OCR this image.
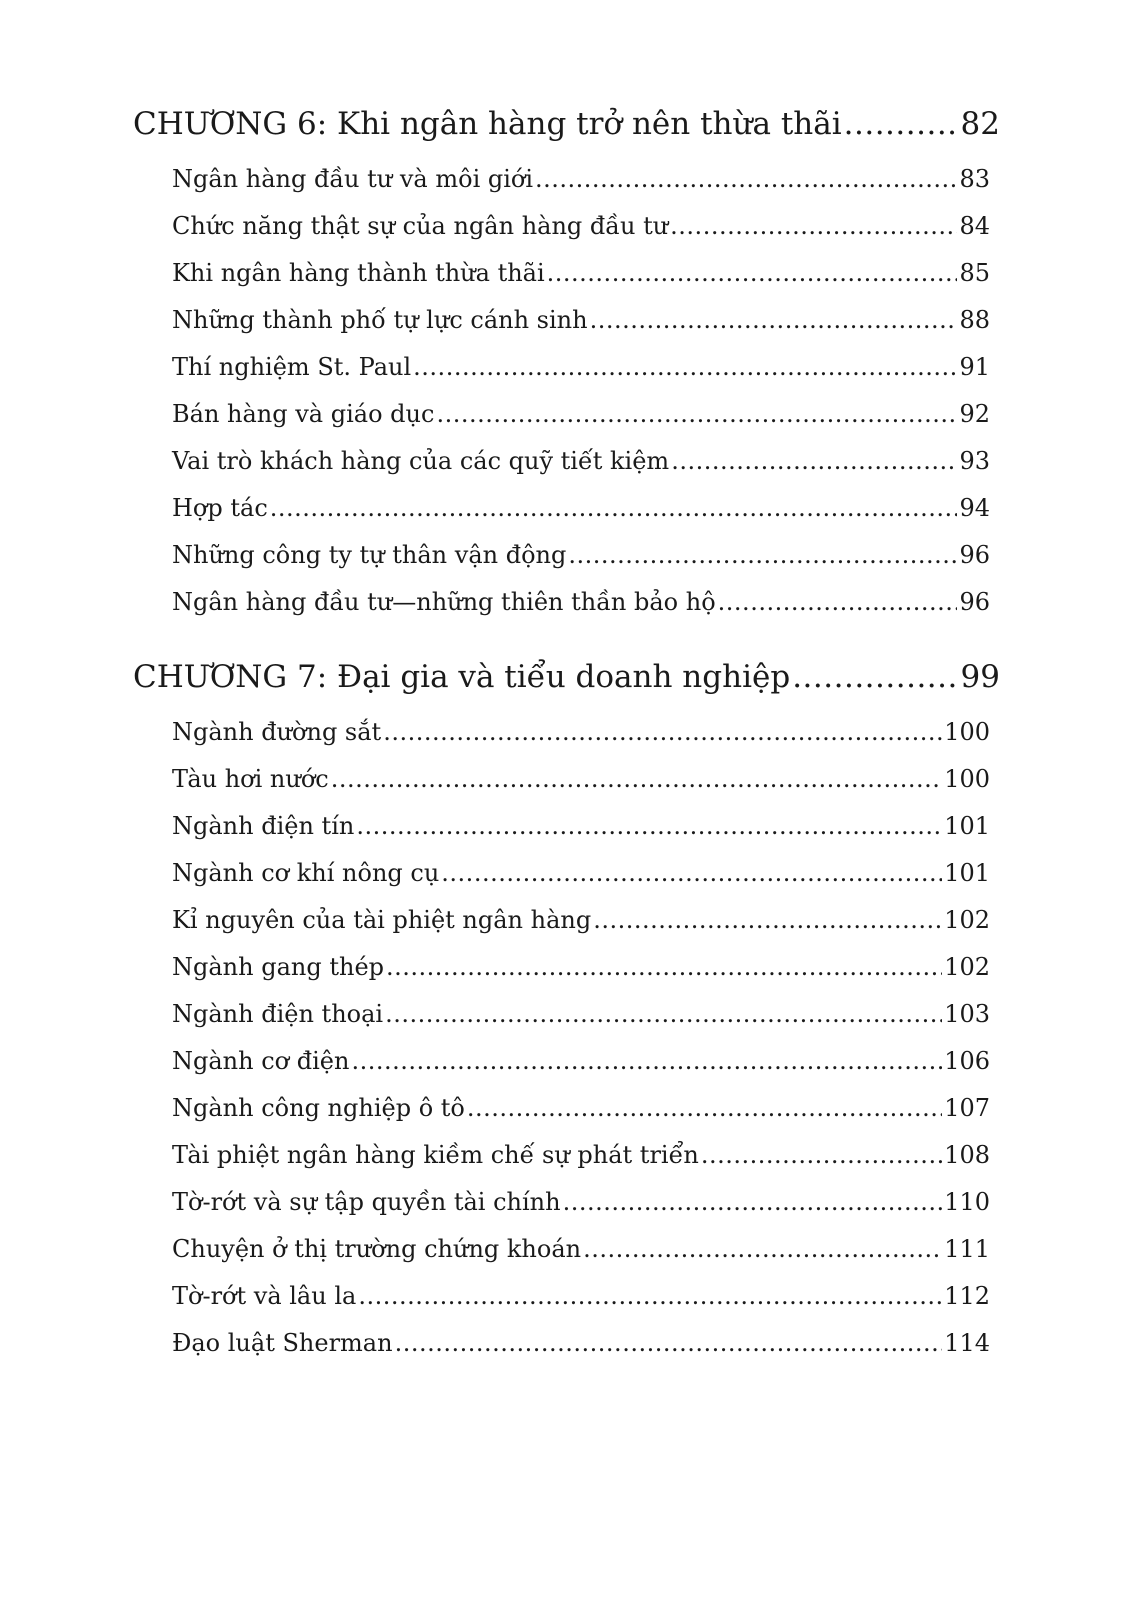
CHƯƠNG 6: Khi ngân hàng trở nên thừa thãi .....	82
Ngân hàng đầu tư và môi giới .....	83
Chức năng thật sự của ngân hàng đầu tư .....	84
Khi ngân hàng thành thừa thãi .....	85
Những thành phố tự lực cánh sinh .....	88
Thí nghiệm St. Paul .....	91
Bán hàng và giáo dục .....	92
Vai trò khách hàng của các quỹ tiết kiệm .....	93
Hợp tác .....	94
Những công ty tự thân vận động .....	96
Ngân hàng đầu tư—những thiên thần bảo hộ .....	96
CHƯƠNG 7: Đại gia và tiểu doanh nghiệp .....	99
Ngành đường sắt .....	100
Tàu hơi nước .....	100
Ngành điện tín .....	101
Ngành cơ khí nông cụ .....	101
Kỉ nguyên của tài phiệt ngân hàng .....	102
Ngành gang thép .....	102
Ngành điện thoại .....	103
Ngành cơ điện .....	106
Ngành công nghiệp ô tô .....	107
Tài phiệt ngân hàng kiềm chế sự phát triển .....	108
Tờ-rớt và sự tập quyền tài chính .....	110
Chuyện ở thị trường chứng khoán .....	111
Tờ-rớt và lâu la .....	112
Đạo luật Sherman .....	114
